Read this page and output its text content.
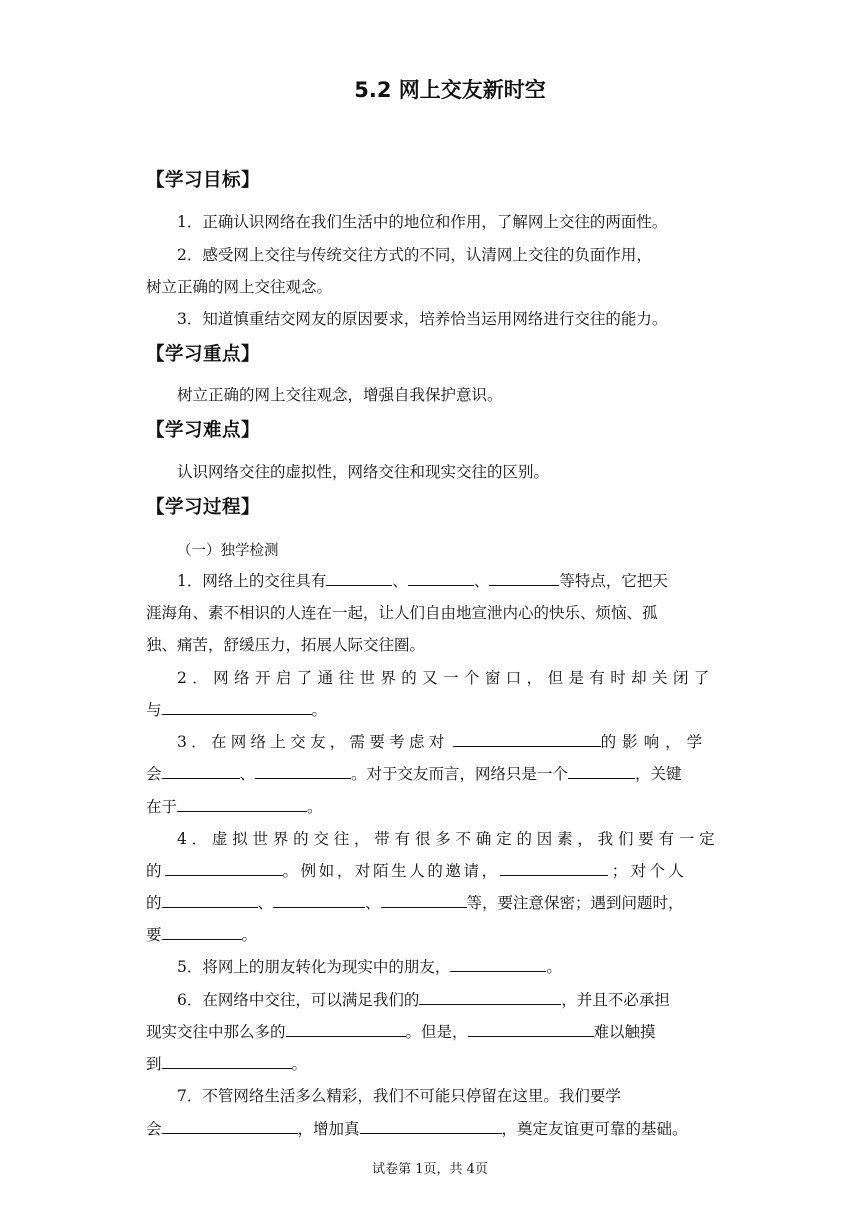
5.2 网上交友新时空
【学习目标】
1．正确认识网络在我们生活中的地位和作用，了解网上交往的两面性。
2．感受网上交往与传统交往方式的不同，认清网上交往的负面作用，
树立正确的网上交往观念。
3．知道慎重结交网友的原因要求，培养恰当运用网络进行交往的能力。
【学习重点】
树立正确的网上交往观念，增强自我保护意识。
【学习难点】
认识网络交往的虚拟性，网络交往和现实交往的区别。
【学习过程】
（一）独学检测
1．网络上的交往具有	、	、	等特点，它把天
涯海角、素不相识的人连在一起，让人们自由地宣泄内心的快乐、烦恼、孤
独、痛苦，舒缓压力，拓展人际交往圈。
2．网络开启了通往世界的又一个窗口，但是有时却关闭了
与	。
3．在网络上交友，需要考虑对	的影响，学
会	、	。对于交友而言，网络只是一个	，关键
在于	。
4．虚拟世界的交往，带有很多不确定的因素，我们要有一定
的	。例如，对陌生人的邀请，	；对个人
的	、	、	等，要注意保密；遇到问题时，
要	。
5．将网上的朋友转化为现实中的朋友，	。
6．在网络中交往，可以满足我们的	，并且不必承担
现实交往中那么多的	。但是，	难以触摸
到	。
7．不管网络生活多么精彩，我们不可能只停留在这里。我们要学
会	，增加真	，奠定友谊更可靠的基础。
试卷第 1页，共 4页
